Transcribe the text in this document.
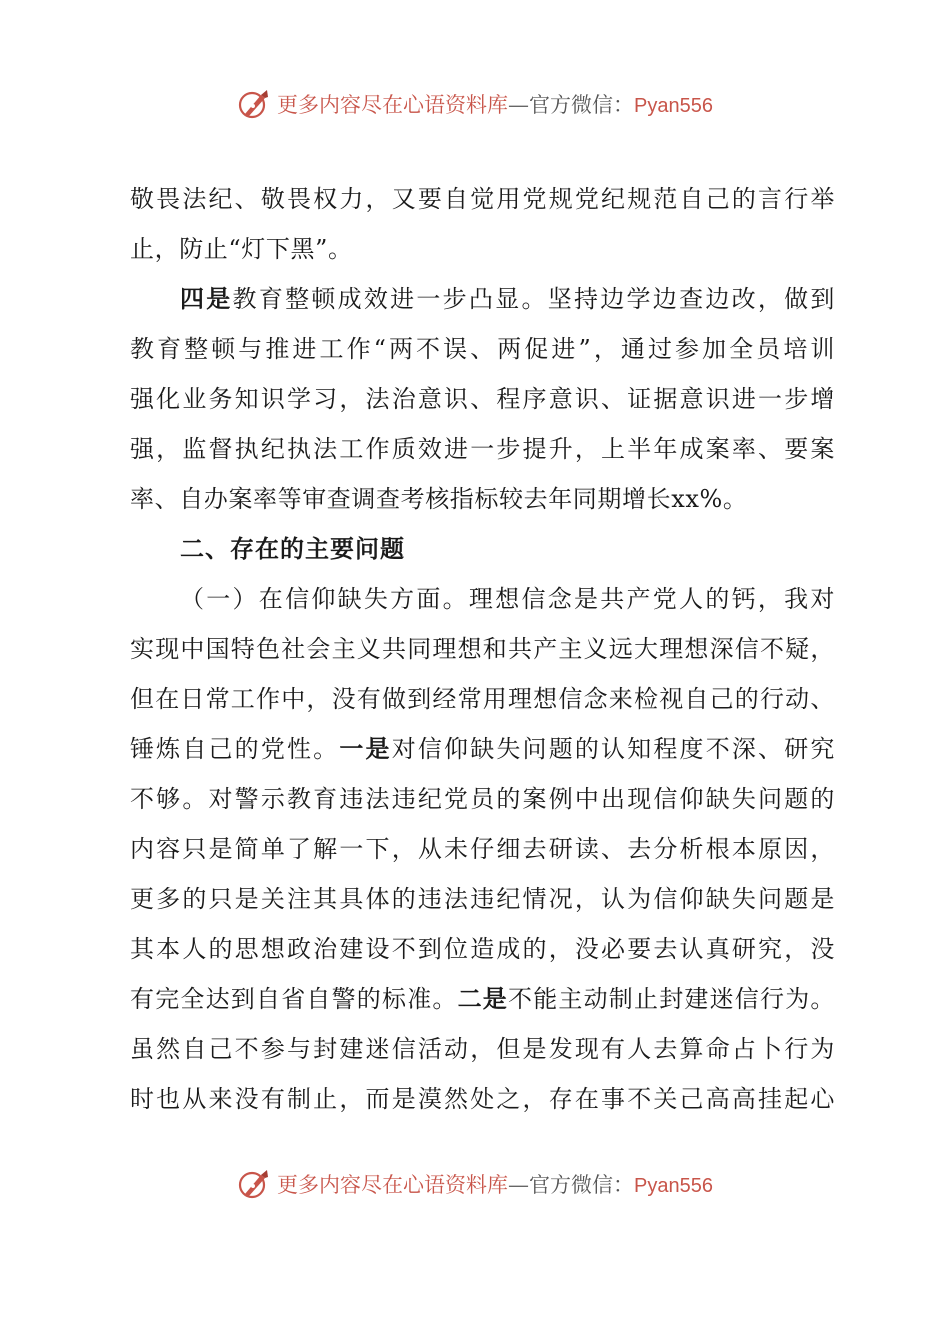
更多内容尽在心语资料库—官方微信：Pyan556
敬畏法纪、敬畏权力，又要自觉用党规党纪规范自己的言行举
止，防止“灯下黑”。
四是教育整顿成效进一步凸显。坚持边学边查边改，做到
教育整顿与推进工作“两不误、两促进”，通过参加全员培训
强化业务知识学习，法治意识、程序意识、证据意识进一步增
强，监督执纪执法工作质效进一步提升，上半年成案率、要案
率、自办案率等审查调查考核指标较去年同期增长xx%。
二、存在的主要问题
（一）在信仰缺失方面。理想信念是共产党人的钙，我对
实现中国特色社会主义共同理想和共产主义远大理想深信不疑，
但在日常工作中，没有做到经常用理想信念来检视自己的行动、
锤炼自己的党性。一是对信仰缺失问题的认知程度不深、研究
不够。对警示教育违法违纪党员的案例中出现信仰缺失问题的
内容只是简单了解一下，从未仔细去研读、去分析根本原因，
更多的只是关注其具体的违法违纪情况，认为信仰缺失问题是
其本人的思想政治建设不到位造成的，没必要去认真研究，没
有完全达到自省自警的标准。二是不能主动制止封建迷信行为。
虽然自己不参与封建迷信活动，但是发现有人去算命占卜行为
时也从来没有制止，而是漠然处之，存在事不关己高高挂起心
更多内容尽在心语资料库—官方微信：Pyan556
